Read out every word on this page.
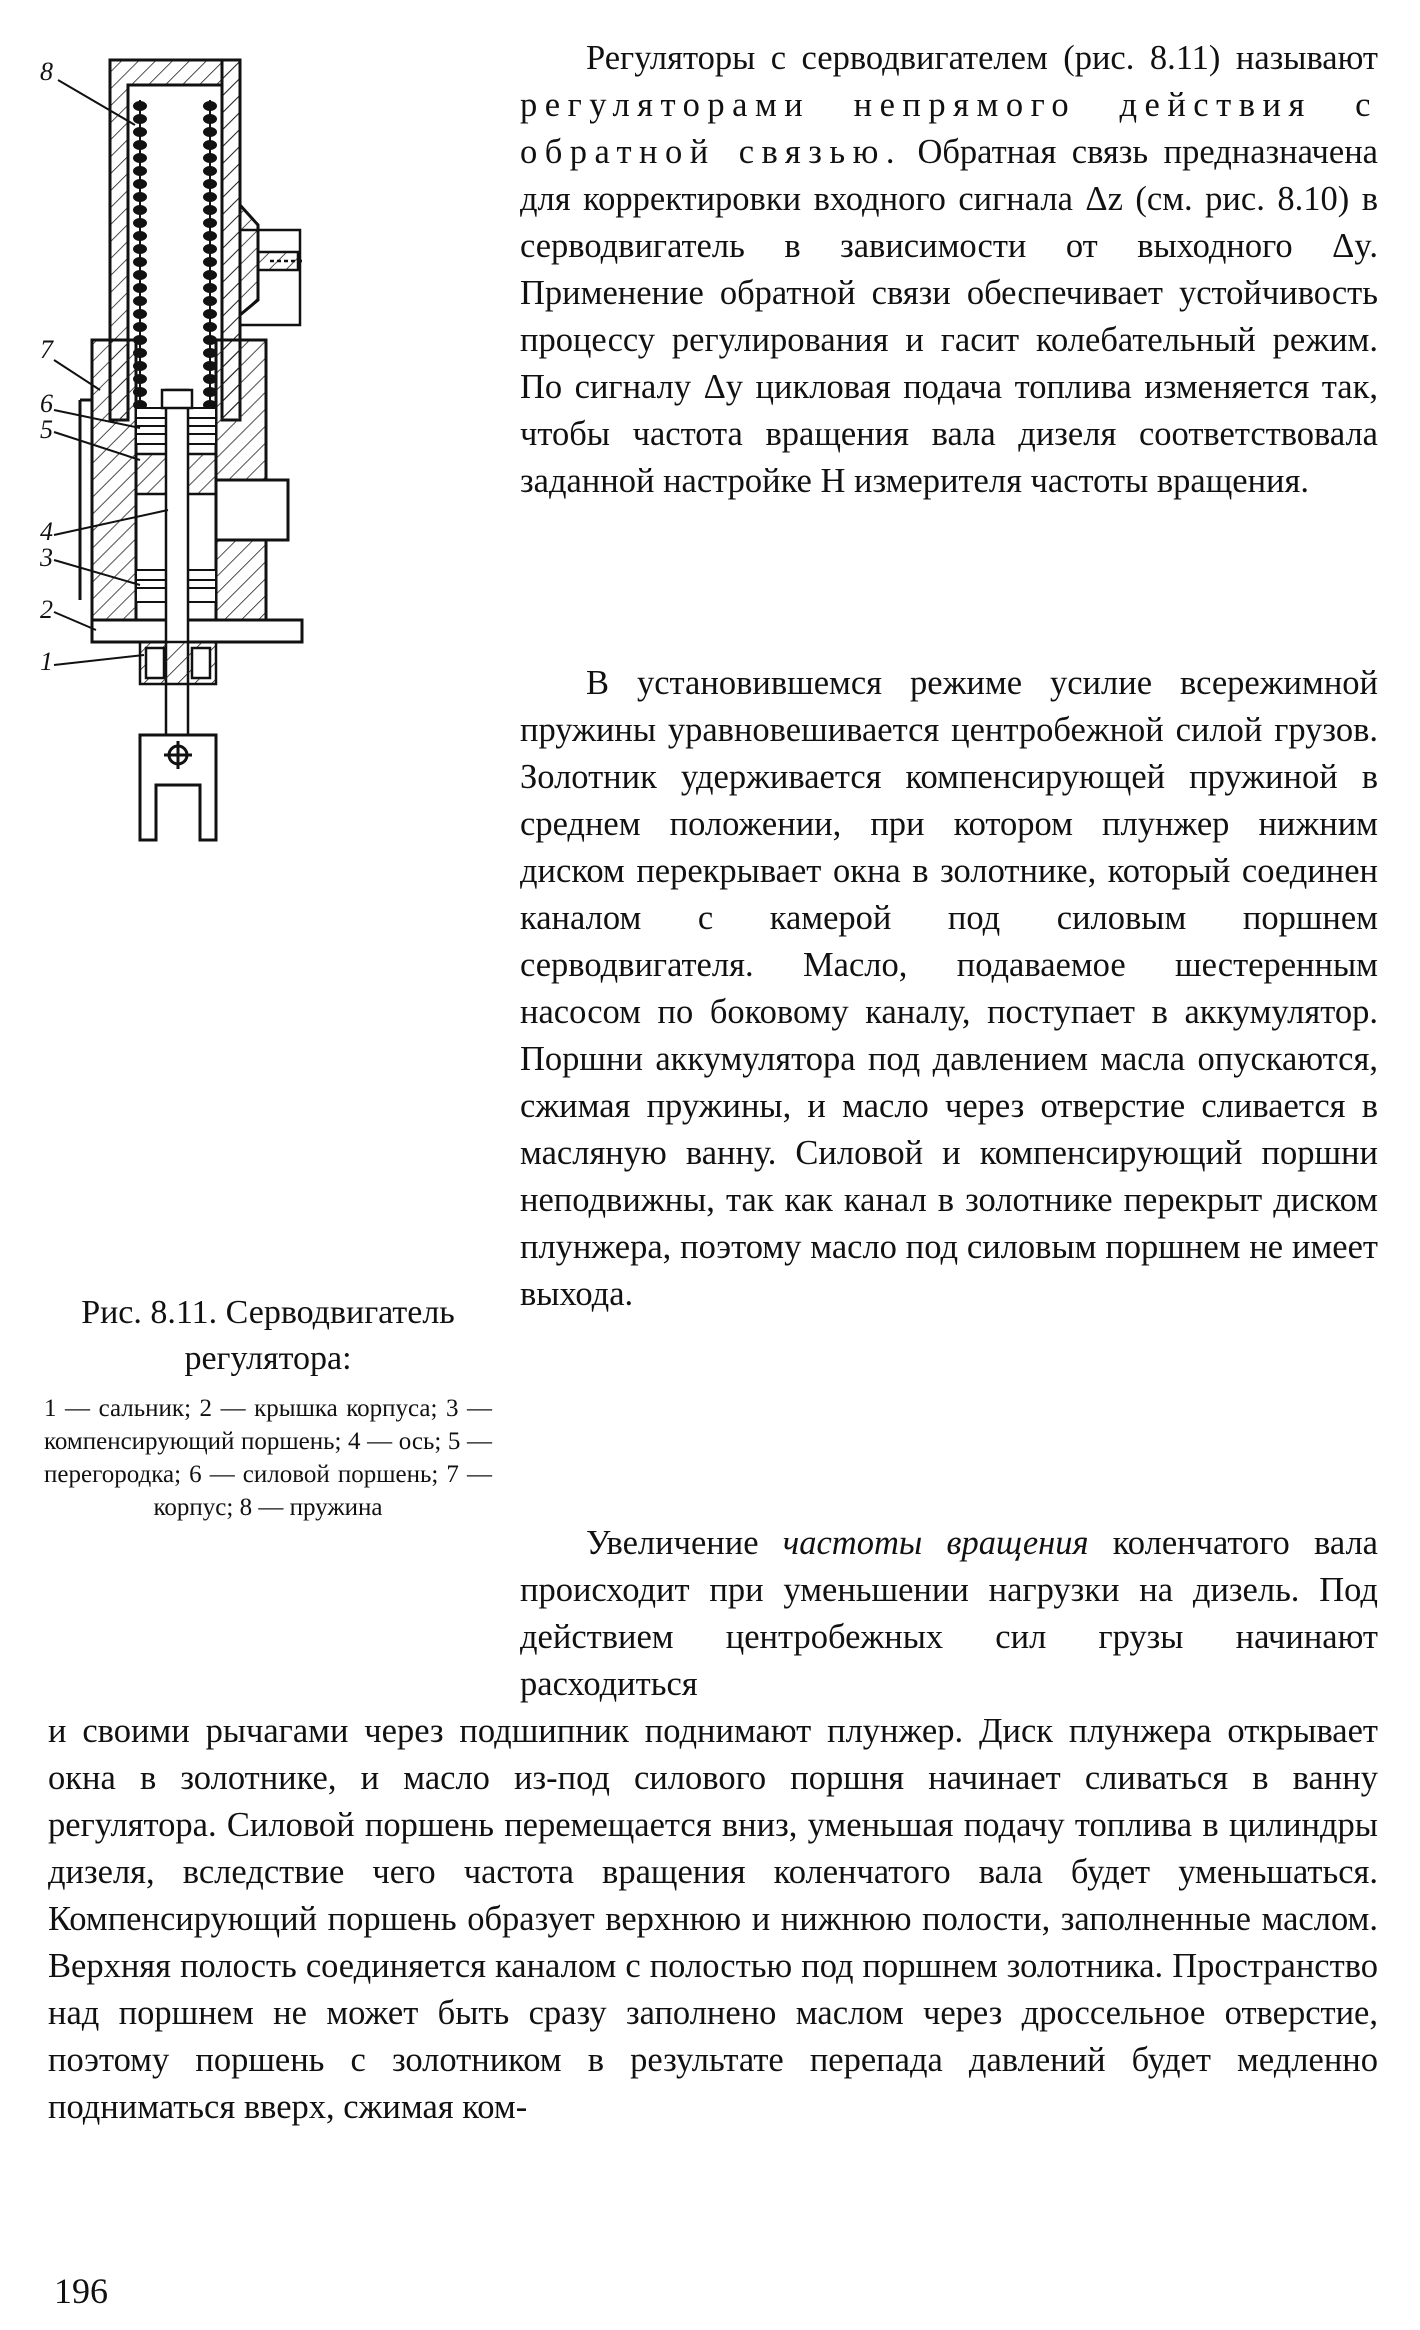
8
7
6
5
4
3
2
1

Рис. 8.11. Серводвигатель регулятора:

1 — сальник; 2 — крышка корпуса; 3 — компенсирующий поршень; 4 — ось; 5 — перегородка; 6 — силовой поршень; 7 — корпус; 8 — пружина

Регуляторы с серводвигателем (рис. 8.11) называют регуляторами непрямого действия с обратной связью. Обратная связь предназначена для корректировки входного сигнала Δz (см. рис. 8.10) в серводвигатель в зависимости от выходного Δy. Применение обратной связи обеспечивает устойчивость процессу регулирования и гасит колебательный режим. По сигналу Δy цикловая подача топлива изменяется так, чтобы частота вращения вала дизеля соответствовала заданной настройке Н измерителя частоты вращения.

В установившемся режиме усилие всережимной пружины уравновешивается центробежной силой грузов. Золотник удерживается компенсирующей пружиной в среднем положении, при котором плунжер нижним диском перекрывает окна в золотнике, который соединен каналом с камерой под силовым поршнем серводвигателя. Масло, подаваемое шестеренным насосом по боковому каналу, поступает в аккумулятор. Поршни аккумулятора под давлением масла опускаются, сжимая пружины, и масло через отверстие сливается в масляную ванну. Силовой и компенсирующий поршни неподвижны, так как канал в золотнике перекрыт диском плунжера, поэтому масло под силовым поршнем не имеет выхода.

Увеличение частоты вращения коленчатого вала происходит при уменьшении нагрузки на дизель. Под действием центробежных сил грузы начинают расходиться

и своими рычагами через подшипник поднимают плунжер. Диск плунжера открывает окна в золотнике, и масло из-под силового поршня начинает сливаться в ванну регулятора. Силовой поршень перемещается вниз, уменьшая подачу топлива в цилиндры дизеля, вследствие чего частота вращения коленчатого вала будет уменьшаться. Компенсирующий поршень образует верхнюю и нижнюю полости, заполненные маслом. Верхняя полость соединяется каналом с полостью под поршнем золотника. Пространство над поршнем не может быть сразу заполнено маслом через дроссельное отверстие, поэтому поршень с золотником в результате перепада давлений будет медленно подниматься вверх, сжимая ком-

196
